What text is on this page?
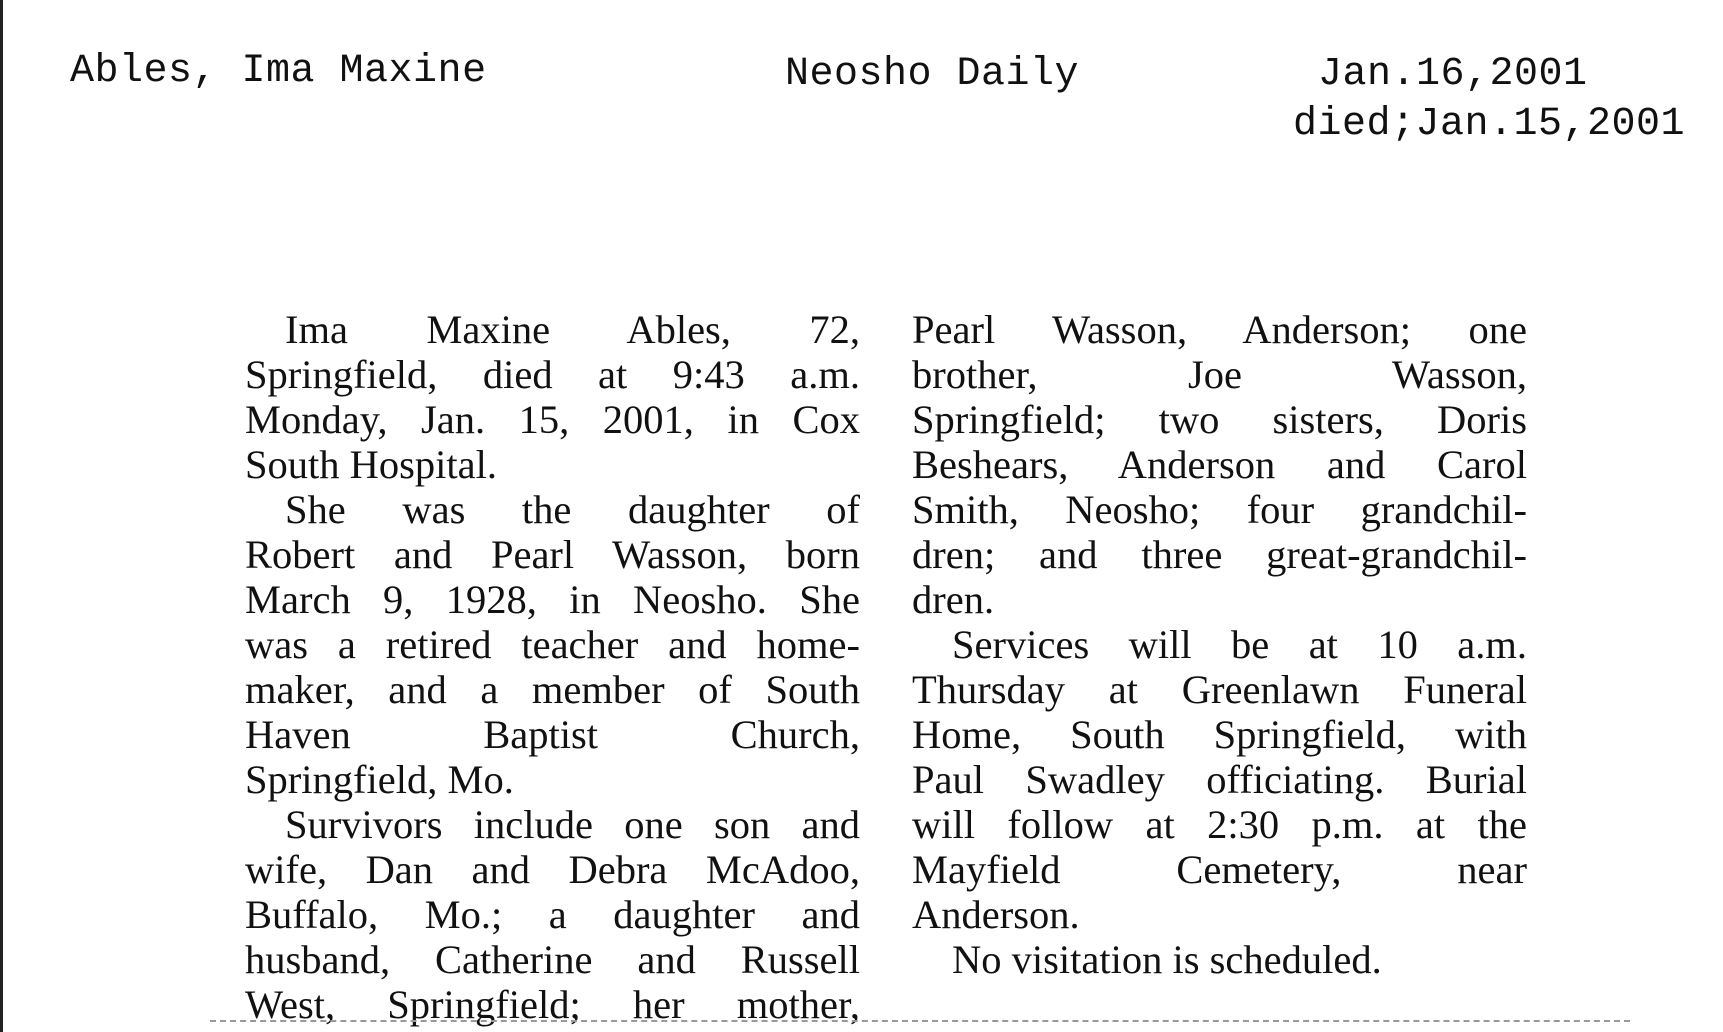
Ables, Ima Maxine	Neosho Daily	Jan.16,2001
died;Jan.15,2001
Ima Maxine Ables, 72,
Springfield, died at 9:43 a.m.
Monday, Jan. 15, 2001, in Cox
South Hospital.
She was the daughter of
Robert and Pearl Wasson, born
March 9, 1928, in Neosho. She
was a retired teacher and home-
maker, and a member of South
Haven Baptist Church,
Springfield, Mo.
Survivors include one son and
wife, Dan and Debra McAdoo,
Buffalo, Mo.; a daughter and
husband, Catherine and Russell
West, Springfield; her mother,
Pearl Wasson, Anderson; one
brother, Joe Wasson,
Springfield; two sisters, Doris
Beshears, Anderson and Carol
Smith, Neosho; four grandchil-
dren; and three great-grandchil-
dren.
Services will be at 10 a.m.
Thursday at Greenlawn Funeral
Home, South Springfield, with
Paul Swadley officiating. Burial
will follow at 2:30 p.m. at the
Mayfield Cemetery, near
Anderson.
No visitation is scheduled.
